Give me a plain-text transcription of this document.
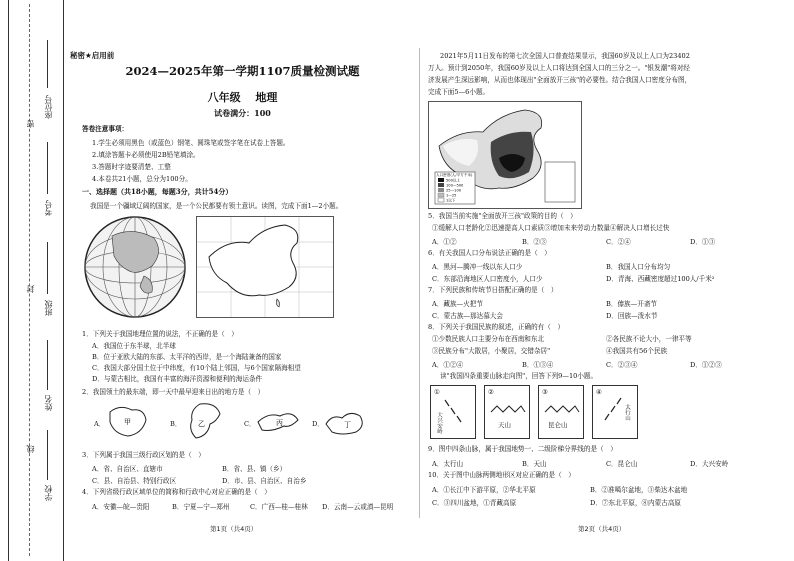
座位号
考号
班级
姓名
学校
密
封
线
秘密★启用前
2024—2025年第一学期1107质量检测试题
八年级　 地理
试卷满分：100
答卷注意事项：
1.学生必须用黑色（或蓝色）钢笔、圆珠笔或签字笔在试卷上答题。
2.填涂答题卡必须使用2B铅笔填涂。
3.答题时字迹要清楚、工整
4.本卷共21小题，总分为100分。
一、选择题（共18小题，每题3分，共计54分）
我国是一个疆域辽阔的国家，是一个公民都要有领土意识。读图，完成下面1—2小题。
1．下列关于我国地理位置的说法，不正确的是（　）
A．我国位于东半球，北半球
B．位于亚欧大陆的东部、太平洋的西岸，是一个海陆兼备的国家
C．我国大部分国土位于中纬度，有10个陆上邻国，与6个国家隔海相望
D．与蒙古相比，我国有丰富的海洋资源和便利的海运条件
2．我国领土的最东端，即一天中最早迎来日出的地方是（　）
A．	甲	B． 乙	C．	丙	D．	丁
3．下列属于我国三级行政区划的是（　）
A．省、自治区、直辖市	B．省、县、镇（乡）
C．县、自治县、特别行政区	D．市、县、自治区、自治乡
4．下列省级行政区域单位的简称和行政中心对应正确的是（　）
A．安徽—皖—贵阳	B．宁夏—宁—郑州	C．广西—桂—桂林 D．云南—云或滇—昆明
第1页（共4页）
2021年5月11日发布的第七次全国人口普查结果显示，我国60岁及以上人口为23402
万人。预计到2050年，我国60岁及以上人口将达到全国人口的三分之一。"银发潮"将对经
济发展产生深远影响，从而也体现出"全面放开三孩"的必要性。结合我国人口密度分布图，
完成下面5—6小题。
人口密度(人/平方千米)
500以上
100—500
25—100
1—25
1以下
5．我国当前实施"全面放开三孩"政策的目的（　）
①缓解人口老龄化②迅速提高人口素质③增加未来劳动力数量④解决人口增长过快
A．①②	B．②③	C．②④	D．①③
6．有关我国人口分布说法正确的是（　）
A．黑河—腾冲一线以东人口少	B．我国人口分布均匀
C．东部沿海地区人口密度小，人口少	D．青海、西藏密度超过100人/千米²
7．下列民族和传统节日搭配正确的是（　）
A．藏族—火把节	B．傣族—开斋节
C．蒙古族—那达慕大会	D．回族—泼水节
8．下列关于我国民族的叙述，正确的有（　）
①少数民族人口主要分布在西南和东北	②各民族不论大小，一律平等
③民族分布"大散居，小聚居，交错杂居"	④我国共有56个民族
A．①②④	B．①③④	C．②③④	D．①②③
读"我国四条重要山脉走向图"，回答下列9—10小题。
①
大兴安岭
②
天山
③
昆仑山
④
太行山
9．图中四条山脉，属于我国地势一、二级阶梯分界线的是（　）
A．太行山	B．天山	C．昆仑山	D．大兴安岭
10．关于图中山脉两侧地形区对应正确的是（　）
A．①长江中下游平原，②华北平原	B．②准噶尔盆地，③柴达木盆地
C．③四川盆地，①青藏高原	D．⑦东北平原，⑧内蒙古高原
第2页（共4页）
